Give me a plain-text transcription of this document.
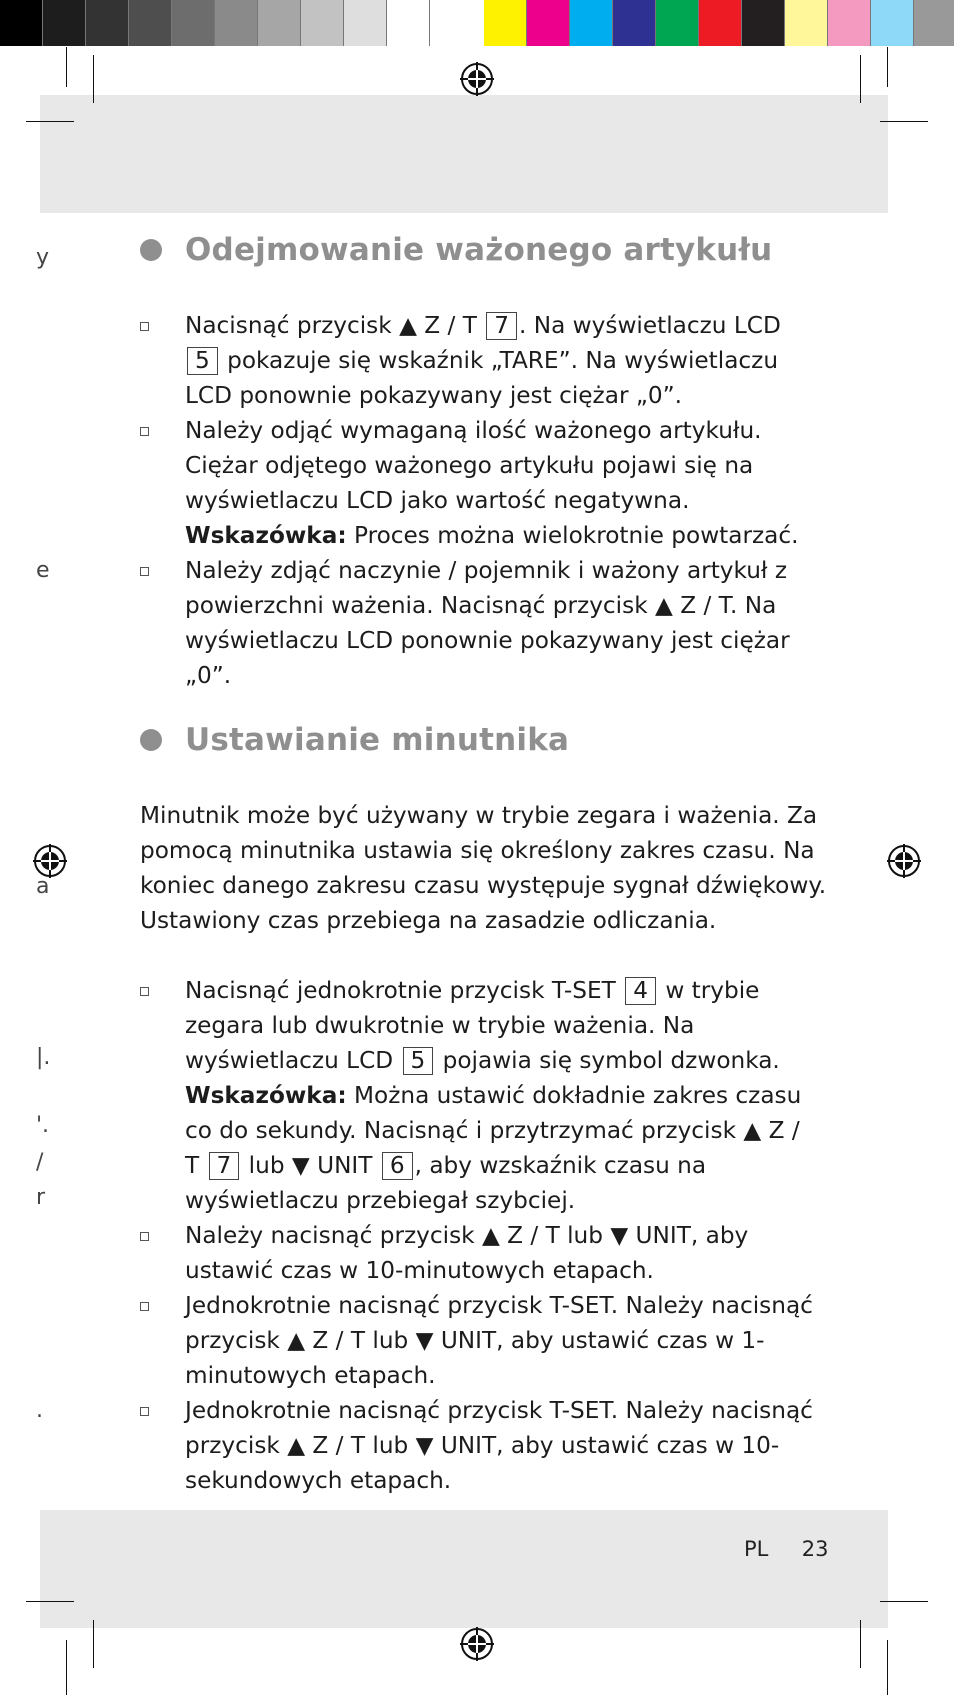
y
e
a
|.
'.
/
r
.
Odejmowanie ważonego artykułu

Nacisnąć przycisk ▲ Z / T 7 . Na wyświetlaczu LCD 5 pokazuje się wskaźnik „TARE”. Na wyświetlaczu LCD ponownie pokazywany jest ciężar „0”.

Należy odjąć wymaganą ilość ważonego artykułu. Ciężar odjętego ważonego artykułu pojawi się na wyświetlaczu LCD jako wartość negatywna.

Wskazówka: Proces można wielokrotnie powtarzać.

Należy zdjąć naczynie / pojemnik i ważony artykuł z powierzchni ważenia. Nacisnąć przycisk ▲ Z / T. Na wyświetlaczu LCD ponownie pokazywany jest ciężar „0”.

Ustawianie minutnika

Minutnik może być używany w trybie zegara i ważenia. Za pomocą minutnika ustawia się określony zakres czasu. Na koniec danego zakresu czasu występuje sygnał dźwiękowy. Ustawiony czas przebiega na zasadzie odliczania.

Nacisnąć jednokrotnie przycisk T-SET 4 w trybie zegara lub dwukrotnie w trybie ważenia. Na wyświetlaczu LCD 5 pojawia się symbol dzwonka.

Wskazówka: Można ustawić dokładnie zakres czasu co do sekundy. Nacisnąć i przytrzymać przycisk ▲ Z / T 7 lub ▼ UNIT 6 , aby wzskaźnik czasu na wyświetlaczu przebiegał szybciej.

Należy nacisnąć przycisk ▲ Z / T lub ▼ UNIT, aby ustawić czas w 10-minutowych etapach.

Jednokrotnie nacisnąć przycisk T-SET. Należy nacisnąć przycisk ▲ Z / T lub ▼ UNIT, aby ustawić czas w 1-minutowych etapach.

Jednokrotnie nacisnąć przycisk T-SET. Należy nacisnąć przycisk ▲ Z / T lub ▼ UNIT, aby ustawić czas w 10-sekundowych etapach.

PL 23
